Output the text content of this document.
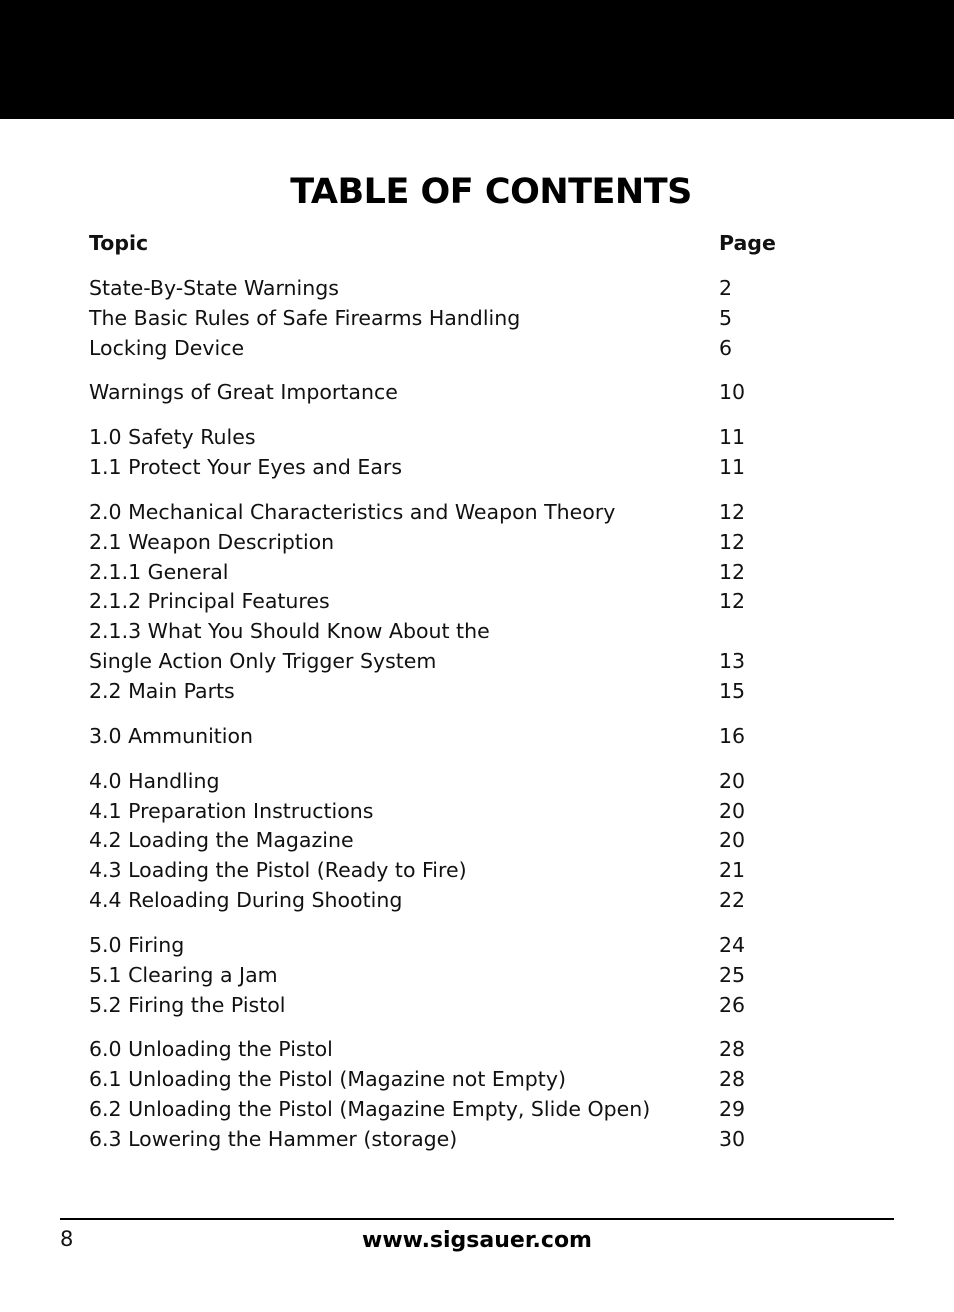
TABLE OF CONTENTS
Topic	Page
State-By-State Warnings	2
The Basic Rules of Safe Firearms Handling	5
Locking Device	6
Warnings of Great Importance	10
1.0 Safety Rules	11
1.1 Protect Your Eyes and Ears	11
2.0 Mechanical Characteristics and Weapon Theory	12
2.1 Weapon Description	12
2.1.1 General	12
2.1.2 Principal Features	12
2.1.3 What You Should Know About the
Single Action Only Trigger System	13
2.2 Main Parts	15
3.0 Ammunition	16
4.0 Handling	20
4.1 Preparation Instructions	20
4.2 Loading the Magazine	20
4.3 Loading the Pistol (Ready to Fire)	21
4.4 Reloading During Shooting	22
5.0 Firing	24
5.1 Clearing a Jam	25
5.2 Firing the Pistol	26
6.0 Unloading the Pistol	28
6.1 Unloading the Pistol (Magazine not Empty)	28
6.2 Unloading the Pistol (Magazine Empty, Slide Open)	29
6.3 Lowering the Hammer (storage)	30
8	www.sigsauer.com
